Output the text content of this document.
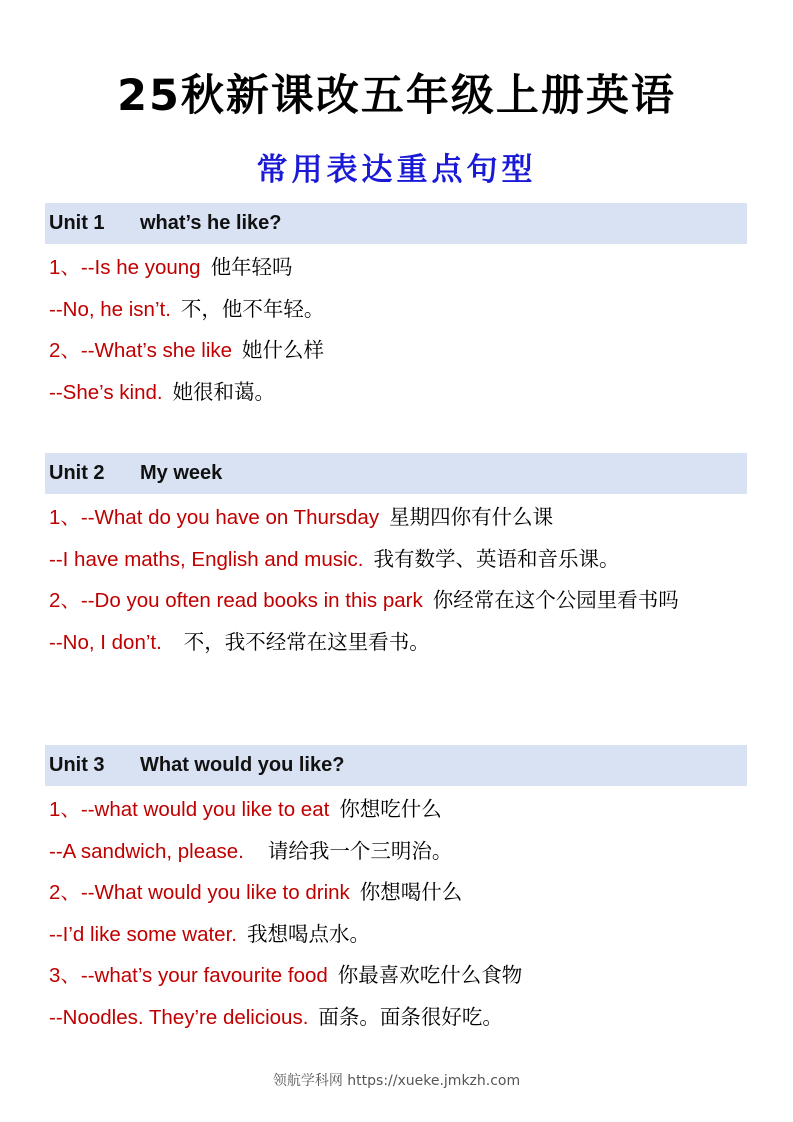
25秋新课改五年级上册英语
常用表达重点句型
Unit 1	what’s he like?
1、--Is he young 他年轻吗
--No, he isn’t. 不，他不年轻。
2、--What’s she like 她什么样
--She’s kind. 她很和蔼。
Unit 2	My week
1、--What do you have on Thursday 星期四你有什么课
--I have maths, English and music. 我有数学、英语和音乐课。
2、--Do you often read books in this park 你经常在这个公园里看书吗
--No, I don’t. 不，我不经常在这里看书。
Unit 3	What would you like?
1、--what would you like to eat 你想吃什么
--A sandwich, please. 请给我一个三明治。
2、--What would you like to drink 你想喝什么
--I’d like some water. 我想喝点水。
3、--what’s your favourite food 你最喜欢吃什么食物
--Noodles. They’re delicious. 面条。面条很好吃。
领航学科网 https://xueke.jmkzh.com
